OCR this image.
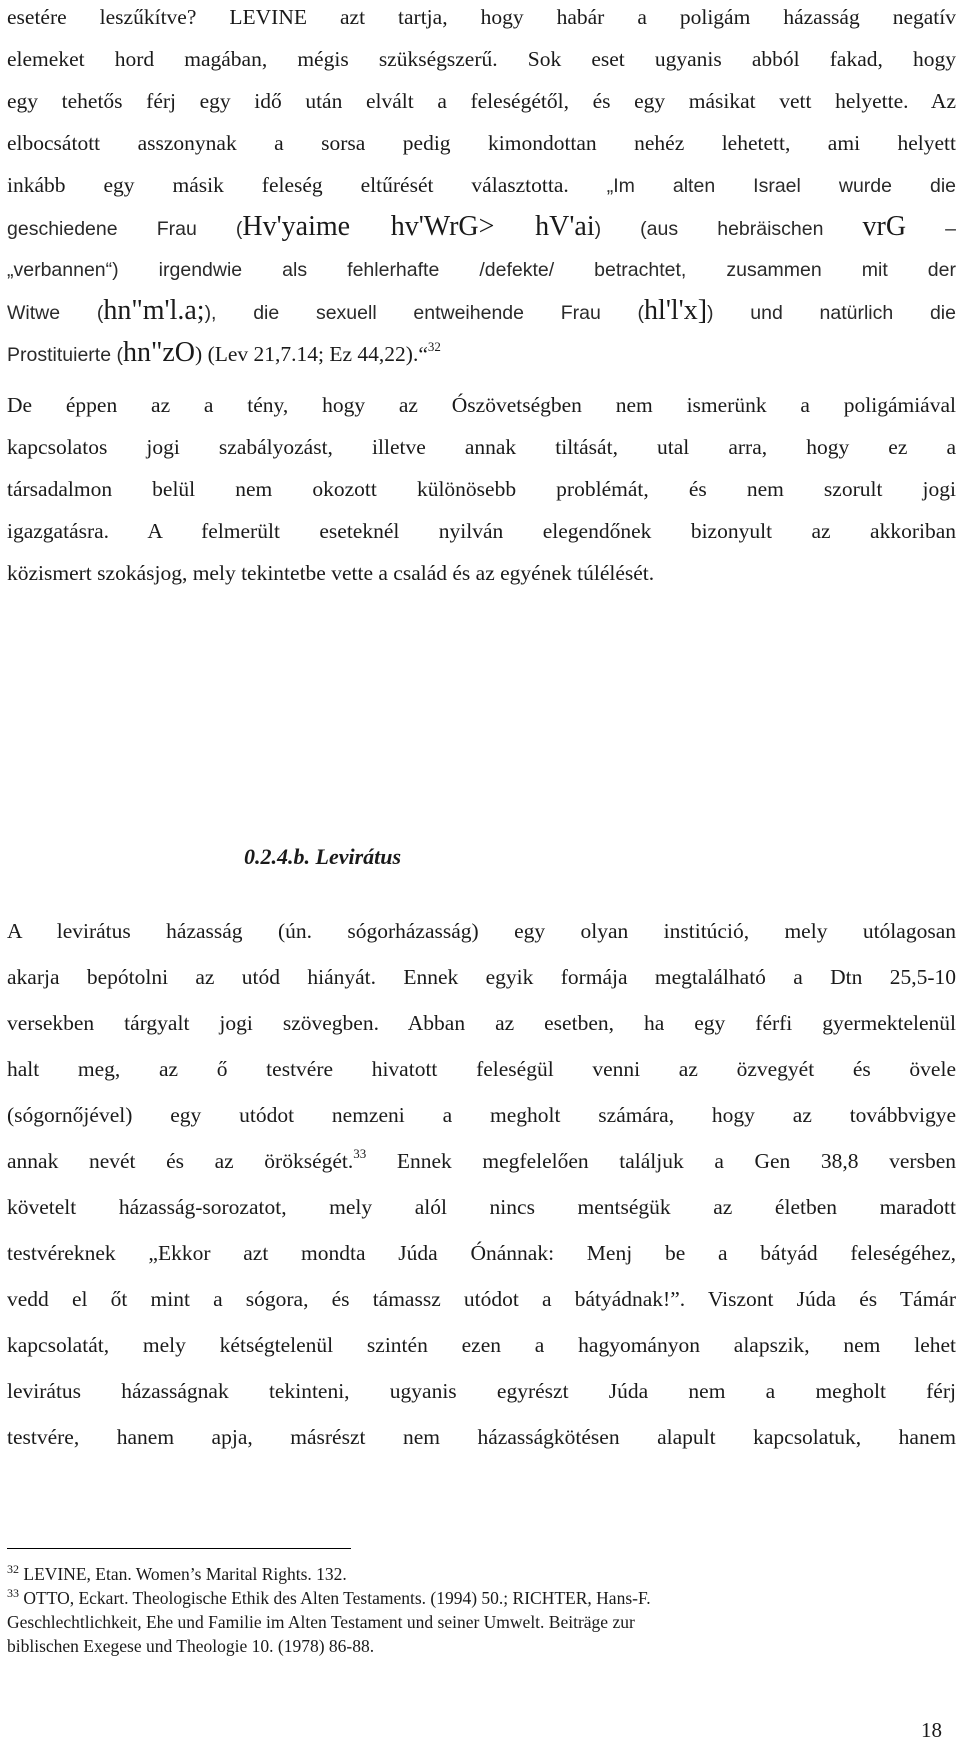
esetére leszűkítve? LEVINE azt tartja, hogy habár a poligám házasság negatív
elemeket hord magában, mégis szükségszerű. Sok eset ugyanis abból fakad, hogy
egy tehetős férj egy idő után elvált a feleségétől, és egy másikat vett helyette. Az
elbocsátott asszonynak a sorsa pedig kimondottan nehéz lehetett, ami helyett
inkább egy másik feleség eltűrését választotta. „Im alten Israel wurde die
geschiedene Frau (Hv'yaime hv'WrG> hV'ai) (aus hebräischen vrG –
„verbannen“) irgendwie als fehlerhafte /defekte/ betrachtet, zusammen mit der
Witwe (hn"m'l.a;), die sexuell entweihende Frau (hl'l'x]) und natürlich die
Prostituierte (hn"zO) (Lev 21,7.14; Ez 44,22).“$^{32}$
De éppen az a tény, hogy az Ószövetségben nem ismerünk a poligámiával
kapcsolatos jogi szabályozást, illetve annak tiltását, utal arra, hogy ez a
társadalmon belül nem okozott különösebb problémát, és nem szorult jogi
igazgatásra. A felmerült eseteknél nyilván elegendőnek bizonyult az akkoriban
közismert szokásjog, mely tekintetbe vette a család és az egyének túlélését.
0.2.4.b. Levirátus
A levirátus házasság (ún. sógorházasság) egy olyan institúció, mely utólagosan
akarja bepótolni az utód hiányát. Ennek egyik formája megtalálható a Dtn 25,5-10
versekben tárgyalt jogi szövegben. Abban az esetben, ha egy férfi gyermektelenül
halt meg, az ő testvére hivatott feleségül venni az özvegyét és övele
(sógornőjével) egy utódot nemzeni a megholt számára, hogy az továbbvigye
annak nevét és az örökségét.$^{33}$ Ennek megfelelően találjuk a Gen 38,8 versben
követelt házasság-sorozatot, mely alól nincs mentségük az életben maradott
testvéreknek „Ekkor azt mondta Júda Ónánnak: Menj be a bátyád feleségéhez,
vedd el őt mint a sógora, és támassz utódot a bátyádnak!”. Viszont Júda és Támár
kapcsolatát, mely kétségtelenül szintén ezen a hagyományon alapszik, nem lehet
levirátus házasságnak tekinteni, ugyanis egyrészt Júda nem a megholt férj
testvére, hanem apja, másrészt nem házasságkötésen alapult kapcsolatuk, hanem
$^{32}$ LEVINE, Etan. Women’s Marital Rights. 132.
$^{33}$ OTTO, Eckart. Theologische Ethik des Alten Testaments. (1994) 50.; RICHTER, Hans-F.
Geschlechtlichkeit, Ehe und Familie im Alten Testament und seiner Umwelt. Beiträge zur
biblischen Exegese und Theologie 10. (1978) 86-88.
18
